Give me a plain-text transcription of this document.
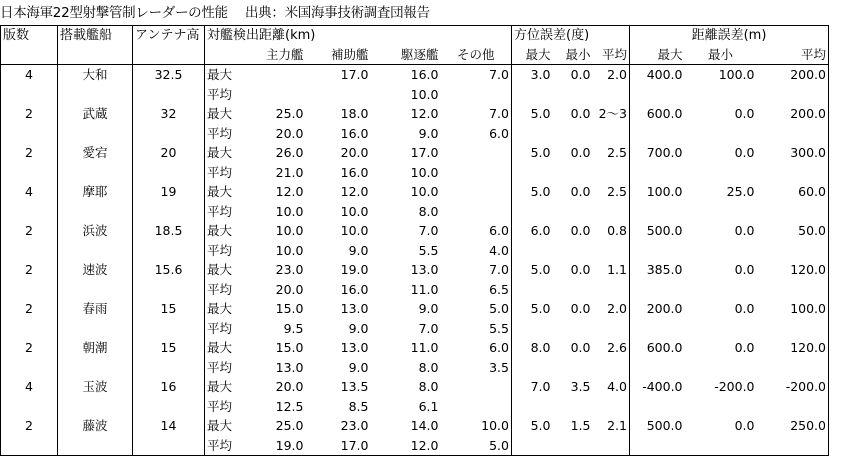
日本海軍22型射撃管制レーダーの性能　 出典：米国海事技術調査団報告
版数	搭載艦船	アンテナ高	対艦検出距離(km)					方位誤差(度)			距離誤差(m)		
				主力艦	補助艦	駆逐艦	その他	最大	最小	平均	最大	最小	平均
4	大和	32.5	最大		17.0	16.0	7.0	3.0	0.0	2.0	400.0	100.0	200.0
			平均			10.0							
2	武蔵	32	最大	25.0	18.0	12.0	7.0	5.0	0.0	2～3	600.0	0.0	200.0
			平均	20.0	16.0	9.0	6.0						
2	愛宕	20	最大	26.0	20.0	17.0		5.0	0.0	2.5	700.0	0.0	300.0
			平均	21.0	16.0	10.0							
4	摩耶	19	最大	12.0	12.0	10.0		5.0	0.0	2.5	100.0	25.0	60.0
			平均	10.0	10.0	8.0							
2	浜波	18.5	最大	10.0	10.0	7.0	6.0	6.0	0.0	0.8	500.0	0.0	50.0
			平均	10.0	9.0	5.5	4.0						
2	速波	15.6	最大	23.0	19.0	13.0	7.0	5.0	0.0	1.1	385.0	0.0	120.0
			平均	20.0	16.0	11.0	6.5						
2	春雨	15	最大	15.0	13.0	9.0	5.0	5.0	0.0	2.0	200.0	0.0	100.0
			平均	9.5	9.0	7.0	5.5						
2	朝潮	15	最大	15.0	13.0	11.0	6.0	8.0	0.0	2.6	600.0	0.0	120.0
			平均	13.0	9.0	8.0	3.5						
4	玉波	16	最大	20.0	13.5	8.0		7.0	3.5	4.0	-400.0	-200.0	-200.0
			平均	12.5	8.5	6.1							
2	藤波	14	最大	25.0	23.0	14.0	10.0	5.0	1.5	2.1	500.0	0.0	250.0
			平均	19.0	17.0	12.0	5.0						
